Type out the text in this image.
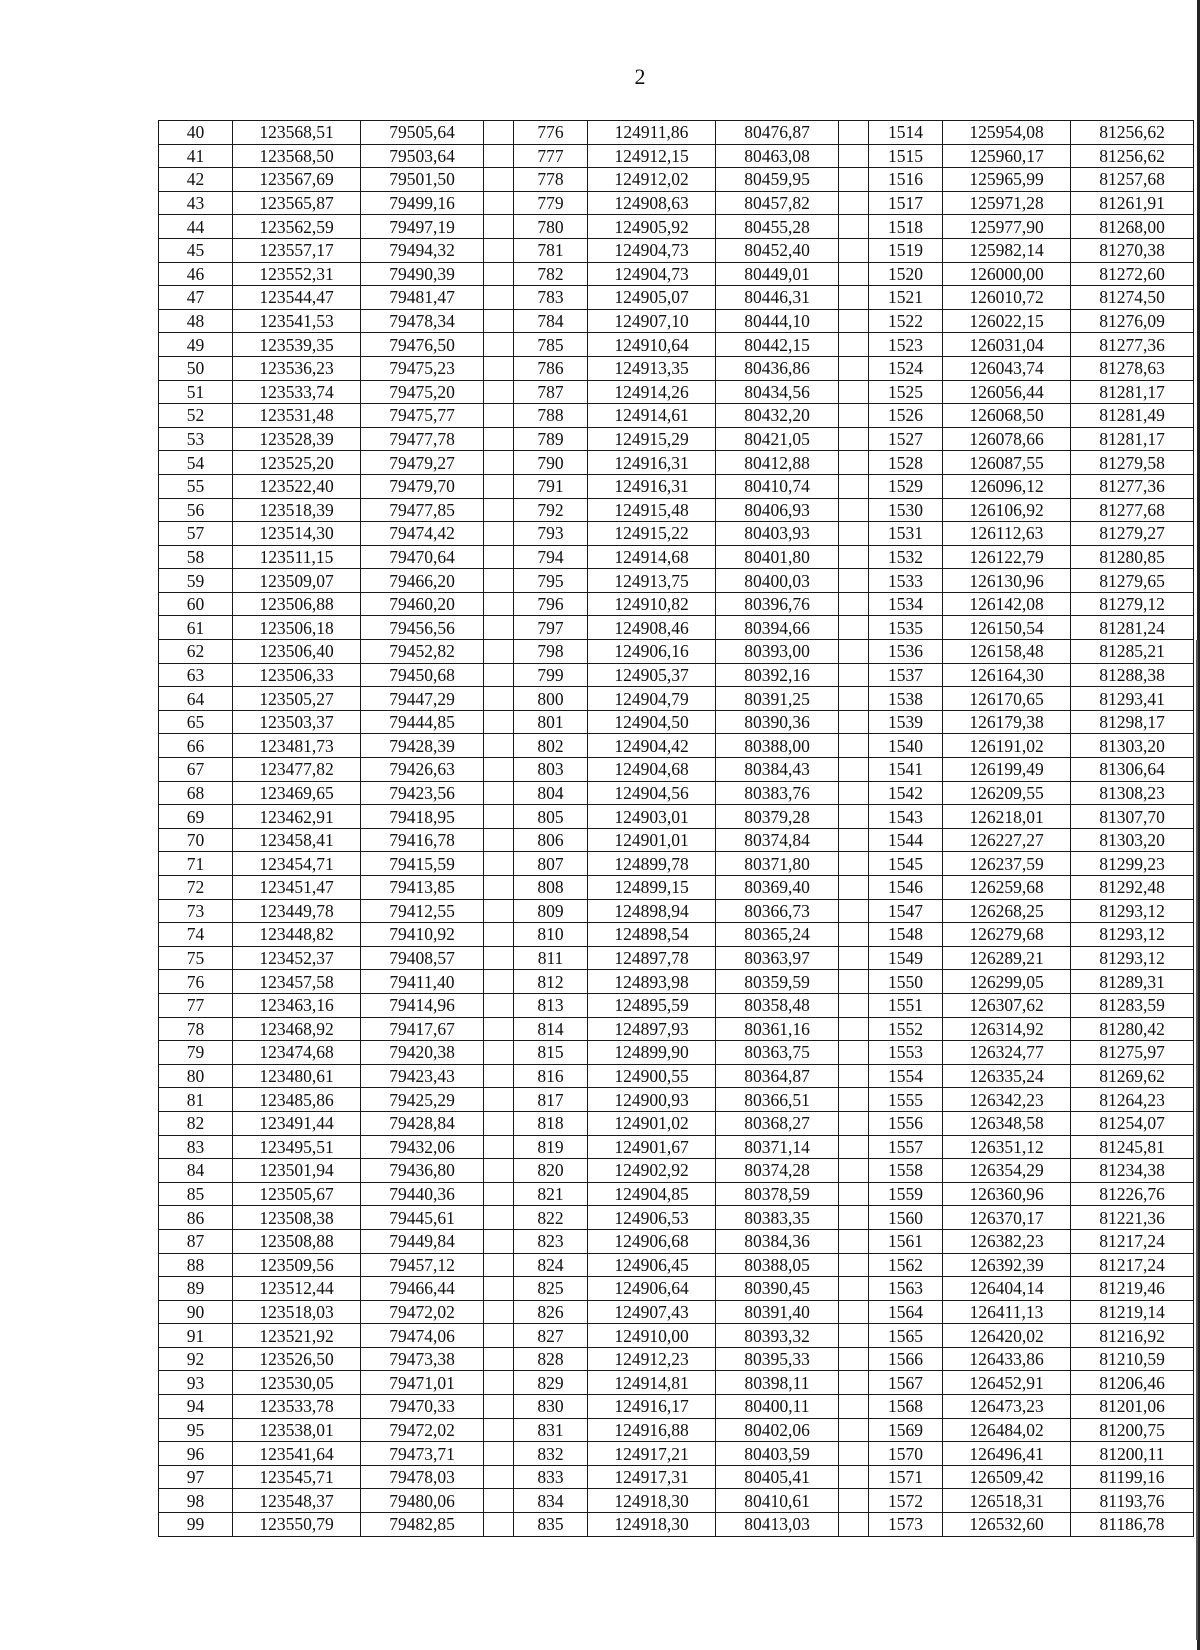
2
40	123568,51	79505,64		776	124911,86	80476,87		1514	125954,08	81256,62
41	123568,50	79503,64		777	124912,15	80463,08		1515	125960,17	81256,62
42	123567,69	79501,50		778	124912,02	80459,95		1516	125965,99	81257,68
43	123565,87	79499,16		779	124908,63	80457,82		1517	125971,28	81261,91
44	123562,59	79497,19		780	124905,92	80455,28		1518	125977,90	81268,00
45	123557,17	79494,32		781	124904,73	80452,40		1519	125982,14	81270,38
46	123552,31	79490,39		782	124904,73	80449,01		1520	126000,00	81272,60
47	123544,47	79481,47		783	124905,07	80446,31		1521	126010,72	81274,50
48	123541,53	79478,34		784	124907,10	80444,10		1522	126022,15	81276,09
49	123539,35	79476,50		785	124910,64	80442,15		1523	126031,04	81277,36
50	123536,23	79475,23		786	124913,35	80436,86		1524	126043,74	81278,63
51	123533,74	79475,20		787	124914,26	80434,56		1525	126056,44	81281,17
52	123531,48	79475,77		788	124914,61	80432,20		1526	126068,50	81281,49
53	123528,39	79477,78		789	124915,29	80421,05		1527	126078,66	81281,17
54	123525,20	79479,27		790	124916,31	80412,88		1528	126087,55	81279,58
55	123522,40	79479,70		791	124916,31	80410,74		1529	126096,12	81277,36
56	123518,39	79477,85		792	124915,48	80406,93		1530	126106,92	81277,68
57	123514,30	79474,42		793	124915,22	80403,93		1531	126112,63	81279,27
58	123511,15	79470,64		794	124914,68	80401,80		1532	126122,79	81280,85
59	123509,07	79466,20		795	124913,75	80400,03		1533	126130,96	81279,65
60	123506,88	79460,20		796	124910,82	80396,76		1534	126142,08	81279,12
61	123506,18	79456,56		797	124908,46	80394,66		1535	126150,54	81281,24
62	123506,40	79452,82		798	124906,16	80393,00		1536	126158,48	81285,21
63	123506,33	79450,68		799	124905,37	80392,16		1537	126164,30	81288,38
64	123505,27	79447,29		800	124904,79	80391,25		1538	126170,65	81293,41
65	123503,37	79444,85		801	124904,50	80390,36		1539	126179,38	81298,17
66	123481,73	79428,39		802	124904,42	80388,00		1540	126191,02	81303,20
67	123477,82	79426,63		803	124904,68	80384,43		1541	126199,49	81306,64
68	123469,65	79423,56		804	124904,56	80383,76		1542	126209,55	81308,23
69	123462,91	79418,95		805	124903,01	80379,28		1543	126218,01	81307,70
70	123458,41	79416,78		806	124901,01	80374,84		1544	126227,27	81303,20
71	123454,71	79415,59		807	124899,78	80371,80		1545	126237,59	81299,23
72	123451,47	79413,85		808	124899,15	80369,40		1546	126259,68	81292,48
73	123449,78	79412,55		809	124898,94	80366,73		1547	126268,25	81293,12
74	123448,82	79410,92		810	124898,54	80365,24		1548	126279,68	81293,12
75	123452,37	79408,57		811	124897,78	80363,97		1549	126289,21	81293,12
76	123457,58	79411,40		812	124893,98	80359,59		1550	126299,05	81289,31
77	123463,16	79414,96		813	124895,59	80358,48		1551	126307,62	81283,59
78	123468,92	79417,67		814	124897,93	80361,16		1552	126314,92	81280,42
79	123474,68	79420,38		815	124899,90	80363,75		1553	126324,77	81275,97
80	123480,61	79423,43		816	124900,55	80364,87		1554	126335,24	81269,62
81	123485,86	79425,29		817	124900,93	80366,51		1555	126342,23	81264,23
82	123491,44	79428,84		818	124901,02	80368,27		1556	126348,58	81254,07
83	123495,51	79432,06		819	124901,67	80371,14		1557	126351,12	81245,81
84	123501,94	79436,80		820	124902,92	80374,28		1558	126354,29	81234,38
85	123505,67	79440,36		821	124904,85	80378,59		1559	126360,96	81226,76
86	123508,38	79445,61		822	124906,53	80383,35		1560	126370,17	81221,36
87	123508,88	79449,84		823	124906,68	80384,36		1561	126382,23	81217,24
88	123509,56	79457,12		824	124906,45	80388,05		1562	126392,39	81217,24
89	123512,44	79466,44		825	124906,64	80390,45		1563	126404,14	81219,46
90	123518,03	79472,02		826	124907,43	80391,40		1564	126411,13	81219,14
91	123521,92	79474,06		827	124910,00	80393,32		1565	126420,02	81216,92
92	123526,50	79473,38		828	124912,23	80395,33		1566	126433,86	81210,59
93	123530,05	79471,01		829	124914,81	80398,11		1567	126452,91	81206,46
94	123533,78	79470,33		830	124916,17	80400,11		1568	126473,23	81201,06
95	123538,01	79472,02		831	124916,88	80402,06		1569	126484,02	81200,75
96	123541,64	79473,71		832	124917,21	80403,59		1570	126496,41	81200,11
97	123545,71	79478,03		833	124917,31	80405,41		1571	126509,42	81199,16
98	123548,37	79480,06		834	124918,30	80410,61		1572	126518,31	81193,76
99	123550,79	79482,85		835	124918,30	80413,03		1573	126532,60	81186,78
